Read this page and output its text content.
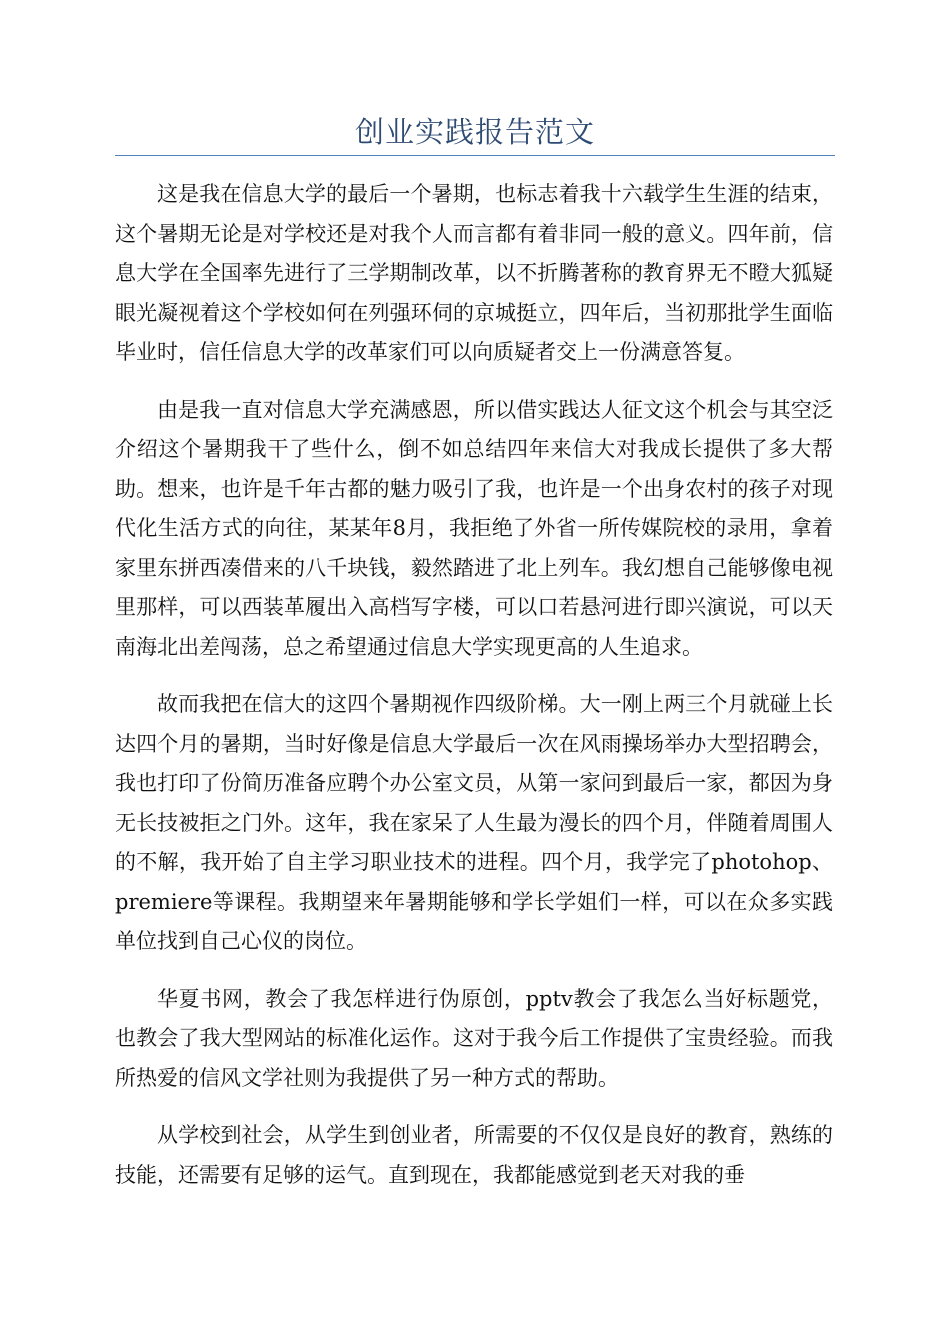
创业实践报告范文

这是我在信息大学的最后一个暑期，也标志着我十六载学生生涯的结束，这个暑期无论是对学校还是对我个人而言都有着非同一般的意义。四年前，信息大学在全国率先进行了三学期制改革，以不折腾著称的教育界无不瞪大狐疑眼光凝视着这个学校如何在列强环伺的京城挺立，四年后，当初那批学生面临毕业时，信任信息大学的改革家们可以向质疑者交上一份满意答复。

由是我一直对信息大学充满感恩，所以借实践达人征文这个机会与其空泛介绍这个暑期我干了些什么，倒不如总结四年来信大对我成长提供了多大帮助。想来，也许是千年古都的魅力吸引了我，也许是一个出身农村的孩子对现代化生活方式的向往，某某年8月，我拒绝了外省一所传媒院校的录用，拿着家里东拼西凑借来的八千块钱，毅然踏进了北上列车。我幻想自己能够像电视里那样，可以西装革履出入高档写字楼，可以口若悬河进行即兴演说，可以天南海北出差闯荡，总之希望通过信息大学实现更高的人生追求。

故而我把在信大的这四个暑期视作四级阶梯。大一刚上两三个月就碰上长达四个月的暑期，当时好像是信息大学最后一次在风雨操场举办大型招聘会，我也打印了份简历准备应聘个办公室文员，从第一家问到最后一家，都因为身无长技被拒之门外。这年，我在家呆了人生最为漫长的四个月，伴随着周围人的不解，我开始了自主学习职业技术的进程。四个月，我学完了photohop、premiere等课程。我期望来年暑期能够和学长学姐们一样，可以在众多实践单位找到自己心仪的岗位。

华夏书网，教会了我怎样进行伪原创，pptv教会了我怎么当好标题党，也教会了我大型网站的标准化运作。这对于我今后工作提供了宝贵经验。而我所热爱的信风文学社则为我提供了另一种方式的帮助。

从学校到社会，从学生到创业者，所需要的不仅仅是良好的教育，熟练的技能，还需要有足够的运气。直到现在，我都能感觉到老天对我的垂
